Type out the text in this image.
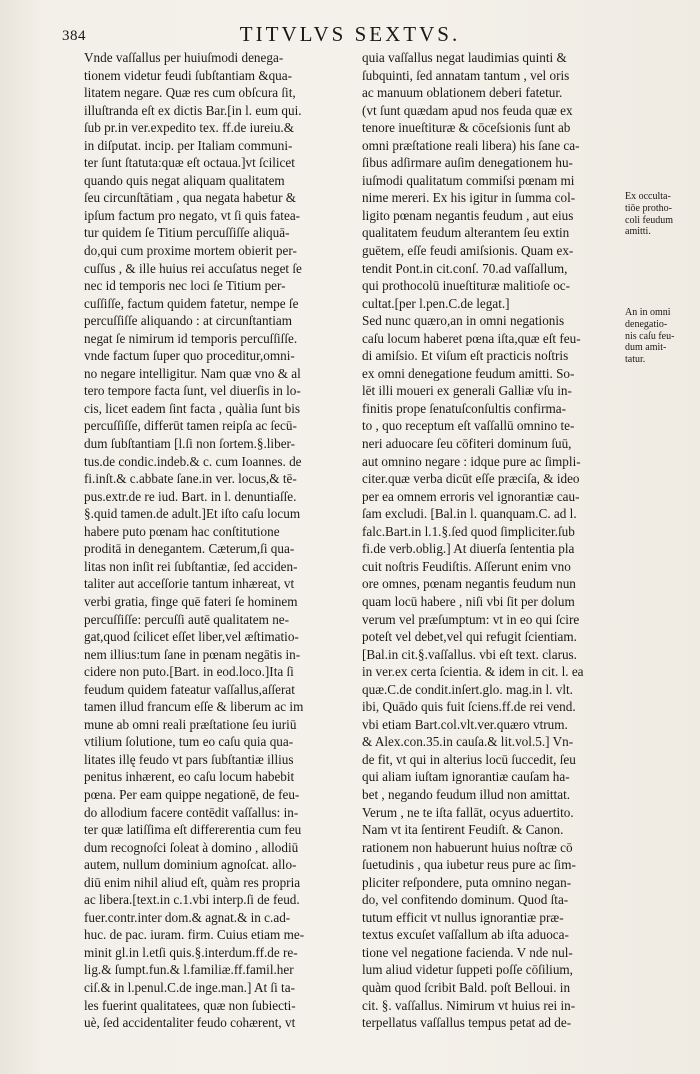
384	TITVLVS SEXTVS.
Vnde vaſſallus per huiuſmodi denega-
tionem videtur feudi ſubſtantiam &qua-
litatem negare. Quæ res cum obſcura ſit,
illuſtranda eſt ex dictis Bar.[in l. eum qui.
ſub pr.in ver.expedito tex. ff.de iureiu.&
in diſputat. incip. per Italiam communi-
ter ſunt ſtatuta:quæ eſt octaua.]vt ſcilicet
quando quis negat aliquam qualitatem
ſeu circunſtātiam , qua negata habetur &
ipſum factum pro negato, vt ſi quis fatea-
tur quidem ſe Titium percuſſiſſe aliquā-
do,qui cum proxime mortem obierit per-
cuſſus , & ille huius rei accuſatus neget ſe
nec id temporis nec loci ſe Titium per-
cuſſiſſe, factum quidem fatetur, nempe ſe
percuſſiſſe aliquando : at circunſtantiam
negat ſe nimirum id temporis percuſſiſſe.
vnde factum ſuper quo proceditur,omni-
no negare intelligitur. Nam quæ vno & al
tero tempore facta ſunt, vel diuerſis in lo-
cis, licet eadem ſint facta , quàlia ſunt bis
percuſſiſſe, differūt tamen reipſa ac ſecū-
dum ſubſtantiam [l.ſi non ſortem.§.liber-
tus.de condic.indeb.& c. cum Ioannes. de
fi.inſt.& c.abbate ſane.in ver. locus,& tē-
pus.extr.de re iud. Bart. in l. denuntiaſſe.
§.quid tamen.de adult.]Et iſto caſu locum
habere puto pœnam hac conſtitutione
proditā in denegantem. Cæterum,ſi qua-
litas non inſit rei ſubſtantiæ, ſed acciden-
taliter aut acceſſorie tantum inhæreat, vt
verbi gratia, finge quē fateri ſe hominem
percuſſiſſe: percuſſi autē qualitatem ne-
gat,quod ſcilicet eſſet liber,vel æſtimatio-
nem illius:tum ſane in pœnam negātis in-
cidere non puto.[Bart. in eod.loco.]Ita ſi
feudum quidem fateatur vaſſallus,aſſerat
tamen illud francum eſſe & liberum ac im
mune ab omni reali præſtatione ſeu iuriū
vtilium ſolutione, tum eo caſu quia qua-
litates illę feudo vt pars ſubſtantiæ illius
penitus inhærent, eo caſu locum habebit
pœna. Per eam quippe negationē, de feu-
do allodium facere contēdit vaſſallus: in-
ter quæ latiſſima eſt differerentia cum feu
dum recognoſci ſoleat à domino , allodiū
autem, nullum dominium agnoſcat. allo-
diū enim nihil aliud eſt, quàm res propria
ac libera.[text.in c.1.vbi interp.ſi de feud.
fuer.contr.inter dom.& agnat.& in c.ad-
huc. de pac. iuram. firm. Cuius etiam me-
minit gl.in l.etſi quis.§.interdum.ff.de re-
lig.& ſumpt.fun.& l.familiæ.ff.famil.her
ciſ.& in l.penul.C.de inge.man.] At ſi ta-
les fuerint qualitatees, quæ non ſubiecti-
uè, ſed accidentaliter feudo cohærent, vt
quia vaſſallus negat laudimias quinti &
ſubquinti, ſed annatam tantum , vel oris
ac manuum oblationem deberi fatetur.
(vt ſunt quædam apud nos feuda quæ ex
tenore inueſtituræ & cōceſsionis ſunt ab
omni præſtatione reali libera) his ſane ca-
ſibus adſirmare auſim denegationem hu-
iuſmodi qualitatum commiſsi pœnam mi
nime mereri. Ex his igitur in ſumma col-
ligito pœnam negantis feudum , aut eius
qualitatem feudum alterantem ſeu extin
guētem, eſſe feudi amiſsionis. Quam ex-
tendit Pont.in cit.conſ. 70.ad vaſſallum,
qui prothocolū inueſtituræ malitioſe oc-
cultat.[per l.pen.C.de legat.]
Sed nunc quæro,an in omni negationis
caſu locum haberet pœna iſta,quæ eſt feu-
di amiſsio. Et viſum eſt practicis noſtris
ex omni denegatione feudum amitti. So-
lēt illi moueri ex generali Galliæ vſu in-
finitis prope ſenatuſconſultis confirma-
to , quo receptum eſt vaſſallū omnino te-
neri aduocare ſeu cōfiteri dominum ſuū,
aut omnino negare : idque pure ac ſimpli-
citer.quæ verba dicūt eſſe præciſa, & ideo
per ea omnem erroris vel ignorantiæ cau-
ſam excludi. [Bal.in l. quanquam.C. ad l.
falc.Bart.in l.1.§.ſed quod ſimpliciter.ſub
fi.de verb.oblig.] At diuerſa ſententia pla
cuit noſtris Feudiſtis. Aſſerunt enim vno
ore omnes, pœnam negantis feudum nun
quam locū habere , niſi vbi ſit per dolum
verum vel præſumptum: vt in eo qui ſcire
poteſt vel debet,vel qui refugit ſcientiam.
[Bal.in cit.§.vaſſallus. vbi eſt text. clarus.
in ver.ex certa ſcientia. & idem in cit. l. ea
quæ.C.de condit.inſert.glo. mag.in l. vlt.
ibi, Quādo quis fuit ſciens.ff.de rei vend.
vbi etiam Bart.col.vlt.ver.quæro vtrum.
& Alex.con.35.in cauſa.& lit.vol.5.] Vn-
de fit, vt qui in alterius locū ſuccedit, ſeu
qui aliam iuſtam ignorantiæ cauſam ha-
bet , negando feudum illud non amittat.
Verum , ne te iſta fallāt, ocyus aduertito.
Nam vt ita ſentirent Feudiſt. & Canon.
rationem non habuerunt huius noſtræ cō
ſuetudinis , qua iubetur reus pure ac ſim-
pliciter reſpondere, puta omnino negan-
do, vel confitendo dominum. Quod ſta-
tutum efficit vt nullus ignorantiæ præ-
textus excuſet vaſſallum ab iſta aduoca-
tione vel negatione facienda. V nde nul-
lum aliud videtur ſuppeti poſſe cōſilium,
quàm quod ſcribit Bald. poſt Belloui. in
cit. §. vaſſallus. Nimirum vt huius rei in-
terpellatus vaſſallus tempus petat ad de-
Ex occulta-
tiōe protho-
coli feudum
amitti.
An in omni
denegatio-
nis caſu feu-
dum amit-
tatur.
